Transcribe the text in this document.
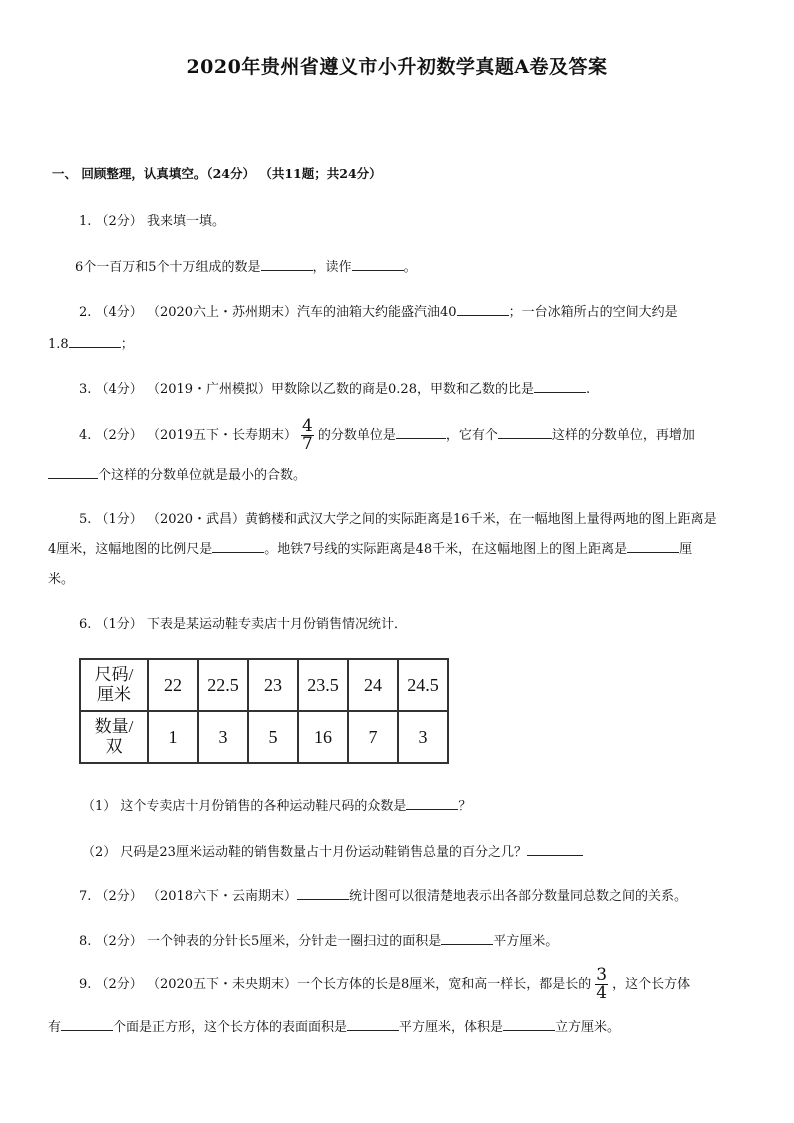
2020年贵州省遵义市小升初数学真题A卷及答案
一、 回顾整理，认真填空。（24分） （共11题；共24分）
1. （2分） 我来填一填。
6个一百万和5个十万组成的数是	，读作	。
2. （4分） （2020六上・苏州期末）汽车的油箱大约能盛汽油40	；一台冰箱所占的空间大约是
1.8	；
3. （4分） （2019・广州模拟）甲数除以乙数的商是0.28，甲数和乙数的比是	.
4. （2分） （2019五下・长寿期末） $\frac{4}{7}$ 的分数单位是	，它有个	这样的分数单位，再增加
个这样的分数单位就是最小的合数。
5. （1分） （2020・武昌）黄鹤楼和武汉大学之间的实际距离是16千米，在一幅地图上量得两地的图上距离是
4厘米，这幅地图的比例尺是	。地铁7号线的实际距离是48千米，在这幅地图上的图上距离是	厘
米。
6. （1分） 下表是某运动鞋专卖店十月份销售情况统计．
尺码/
厘米	22	22.5	23	23.5	24	24.5
数量/
双	1	3	5	16	7	3
（1） 这个专卖店十月份销售的各种运动鞋尺码的众数是	？
（2） 尺码是23厘米运动鞋的销售数量占十月份运动鞋销售总量的百分之几？
7. （2分） （2018六下・云南期末）	统计图可以很清楚地表示出各部分数量同总数之间的关系。
8. （2分） 一个钟表的分针长5厘米，分针走一圈扫过的面积是	平方厘米。
9. （2分） （2020五下・未央期末）一个长方体的长是8厘米，宽和高一样长，都是长的 $\frac{3}{4}$ ，这个长方体
有	个面是正方形，这个长方体的表面面积是	平方厘米，体积是	立方厘米。
